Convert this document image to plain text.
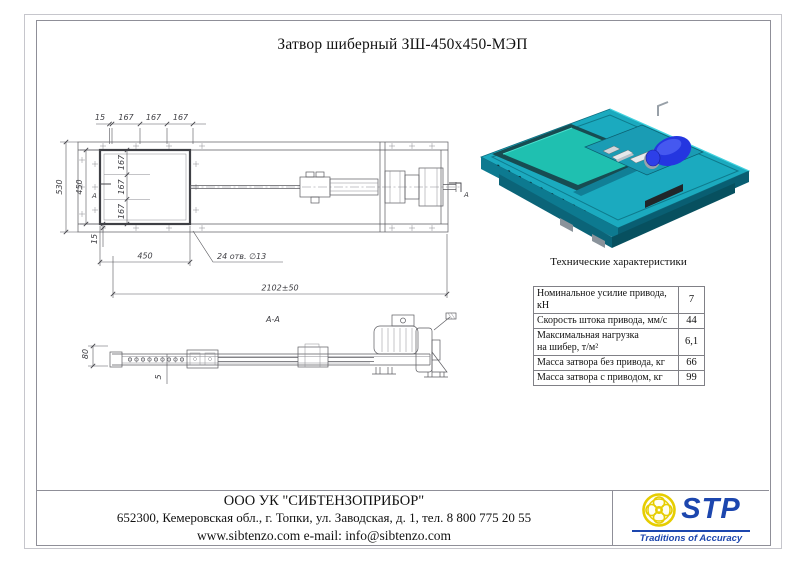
Затвор шиберный ЗШ-450х450-МЭП
15 167 167 167
530 450
167
167
167
15
450	24 отв. ∅13
2102±50
А
А
А-А
80
5
Технические характеристики
Номинальное усилие привода, кН	7
Скорость штока привода, мм/с	44
Максимальная нагрузка
на шибер, т/м²	6,1
Масса затвора без привода, кг	66
Масса затвора с приводом, кг	99
ООО УК "СИБТЕНЗОПРИБОР"
652300, Кемеровская обл., г. Топки, ул. Заводская, д. 1, тел. 8 800 775 20 55
www.sibtenzo.com e-mail: info@sibtenzo.com
STP
Traditions of Accuracy
